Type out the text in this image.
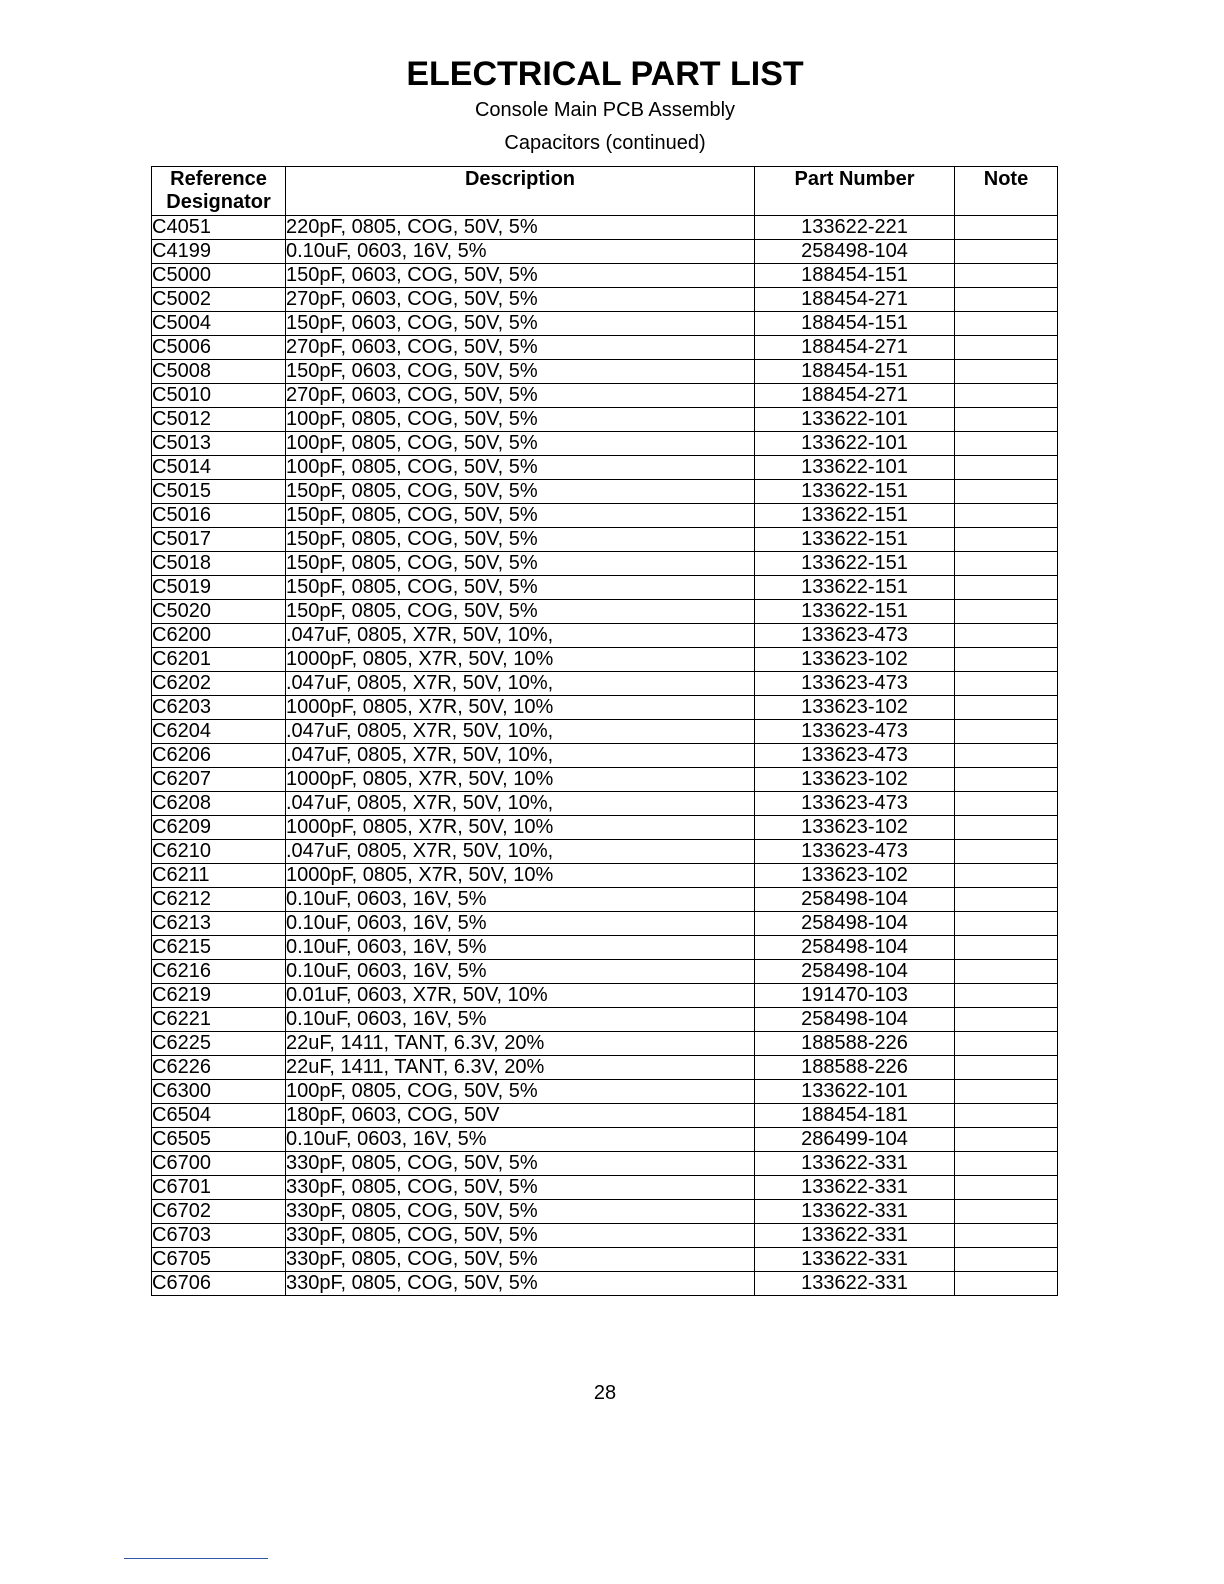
ELECTRICAL PART LIST
Console Main PCB Assembly
Capacitors (continued)
Reference
Designator	Description	Part Number	Note

C4051	220pF, 0805, COG, 50V, 5%	133622-221	
C4199	0.10uF, 0603, 16V, 5%	258498-104	
C5000	150pF, 0603, COG, 50V, 5%	188454-151	
C5002	270pF, 0603, COG, 50V, 5%	188454-271	
C5004	150pF, 0603, COG, 50V, 5%	188454-151	
C5006	270pF, 0603, COG, 50V, 5%	188454-271	
C5008	150pF, 0603, COG, 50V, 5%	188454-151	
C5010	270pF, 0603, COG, 50V, 5%	188454-271	
C5012	100pF, 0805, COG, 50V, 5%	133622-101	
C5013	100pF, 0805, COG, 50V, 5%	133622-101	
C5014	100pF, 0805, COG, 50V, 5%	133622-101	
C5015	150pF, 0805, COG, 50V, 5%	133622-151	
C5016	150pF, 0805, COG, 50V, 5%	133622-151	
C5017	150pF, 0805, COG, 50V, 5%	133622-151	
C5018	150pF, 0805, COG, 50V, 5%	133622-151	
C5019	150pF, 0805, COG, 50V, 5%	133622-151	
C5020	150pF, 0805, COG, 50V, 5%	133622-151	
C6200	.047uF, 0805, X7R, 50V, 10%,	133623-473	
C6201	1000pF, 0805, X7R, 50V, 10%	133623-102	
C6202	.047uF, 0805, X7R, 50V, 10%,	133623-473	
C6203	1000pF, 0805, X7R, 50V, 10%	133623-102	
C6204	.047uF, 0805, X7R, 50V, 10%,	133623-473	
C6206	.047uF, 0805, X7R, 50V, 10%,	133623-473	
C6207	1000pF, 0805, X7R, 50V, 10%	133623-102	
C6208	.047uF, 0805, X7R, 50V, 10%,	133623-473	
C6209	1000pF, 0805, X7R, 50V, 10%	133623-102	
C6210	.047uF, 0805, X7R, 50V, 10%,	133623-473	
C6211	1000pF, 0805, X7R, 50V, 10%	133623-102	
C6212	0.10uF, 0603, 16V, 5%	258498-104	
C6213	0.10uF, 0603, 16V, 5%	258498-104	
C6215	0.10uF, 0603, 16V, 5%	258498-104	
C6216	0.10uF, 0603, 16V, 5%	258498-104	
C6219	0.01uF, 0603, X7R, 50V, 10%	191470-103	
C6221	0.10uF, 0603, 16V, 5%	258498-104	
C6225	22uF, 1411, TANT, 6.3V, 20%	188588-226	
C6226	22uF, 1411, TANT, 6.3V, 20%	188588-226	
C6300	100pF, 0805, COG, 50V, 5%	133622-101	
C6504	180pF, 0603, COG, 50V	188454-181	
C6505	0.10uF, 0603, 16V, 5%	286499-104	
C6700	330pF, 0805, COG, 50V, 5%	133622-331	
C6701	330pF, 0805, COG, 50V, 5%	133622-331	
C6702	330pF, 0805, COG, 50V, 5%	133622-331	
C6703	330pF, 0805, COG, 50V, 5%	133622-331	
C6705	330pF, 0805, COG, 50V, 5%	133622-331	
C6706	330pF, 0805, COG, 50V, 5%	133622-331	
28
